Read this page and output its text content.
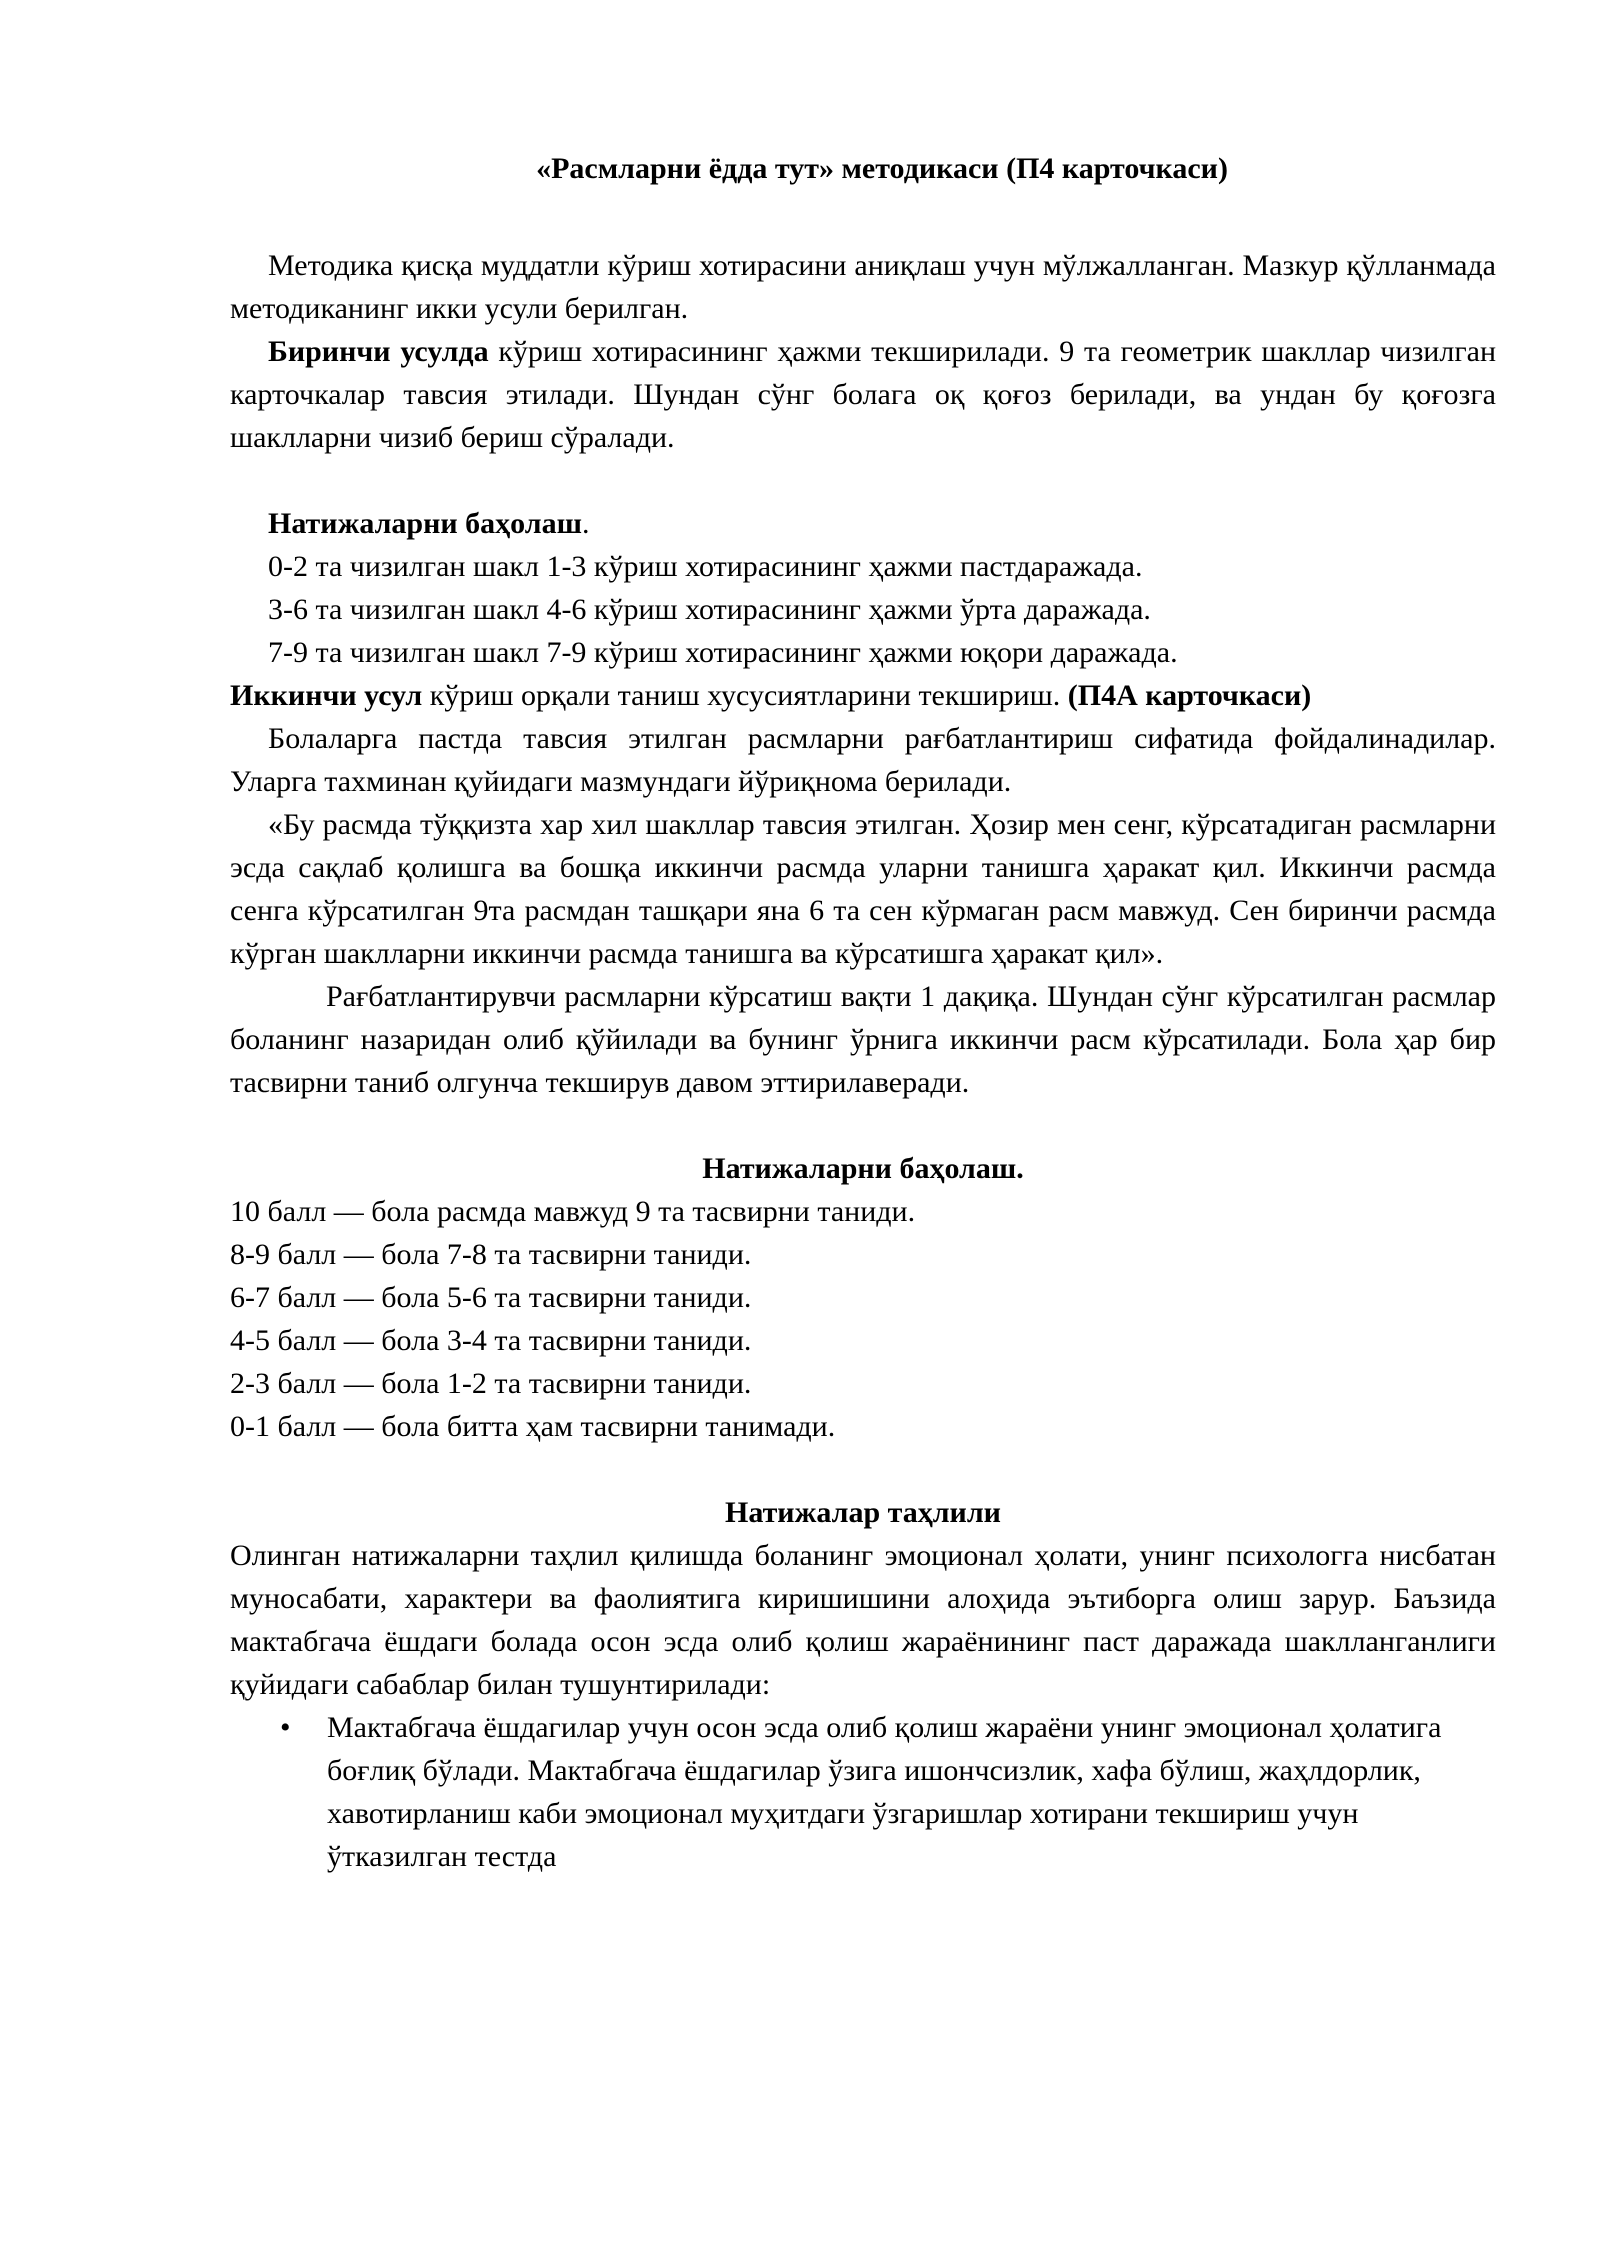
«Расмларни ёдда тут» методикаси (П4 карточкаси)

Методика қисқа муддатли кўриш хотирасини аниқлаш учун мўлжалланган. Мазкур қўлланмада методиканинг икки усули берилган.

Биринчи усулда кўриш хотирасининг ҳажми текширилади. 9 та геометрик шакллар чизилган карточкалар тавсия этилади. Шундан сўнг болага оқ қоғоз берилади, ва ундан бу қоғозга шаклларни чизиб бериш сўралади.

Натижаларни баҳолаш.

0-2 та чизилган шакл 1-3 кўриш хотирасининг ҳажми пастдаражада.

3-6 та чизилган шакл 4-6 кўриш хотирасининг ҳажми ўрта даражада.

7-9 та чизилган шакл 7-9 кўриш хотирасининг ҳажми юқори даражада.

Иккинчи усул кўриш орқали таниш хусусиятларини текшириш. (П4А карточкаси)

Болаларга пастда тавсия этилган расмларни рағбатлантириш сифатида фойдалинадилар. Уларга тахминан қуйидаги мазмундаги йўриқнома берилади.

«Бу расмда тўққизта хар хил шакллар тавсия этилган. Ҳозир мен сенг, кўрсатадиган расмларни эсда сақлаб қолишга ва бошқа иккинчи расмда уларни танишга ҳаракат қил. Иккинчи расмда сенга кўрсатилган 9та расмдан ташқари яна 6 та сен кўрмаган расм мавжуд. Сен биринчи расмда кўрган шаклларни иккинчи расмда танишга ва кўрсатишга ҳаракат қил».

Рағбатлантирувчи расмларни кўрсатиш вақти 1 дақиқа. Шундан сўнг кўрсатилган расмлар боланинг назаридан олиб қўйилади ва бунинг ўрнига иккинчи расм кўрсатилади. Бола ҳар бир тасвирни таниб олгунча текширув давом эттирилаверади.

Натижаларни баҳолаш.

10 балл — бола расмда мавжуд 9 та тасвирни таниди.

8-9 балл — бола 7-8 та тасвирни таниди.

6-7 балл — бола 5-6 та тасвирни таниди.

4-5 балл — бола 3-4 та тасвирни таниди.

2-3 балл — бола 1-2 та тасвирни таниди.

0-1 балл — бола битта ҳам тасвирни танимади.

Натижалар таҳлили

Олинган натижаларни таҳлил қилишда боланинг эмоционал ҳолати, унинг психологга нисбатан муносабати, характери ва фаолиятига киришишини алоҳида эътиборга олиш зарур. Баъзида мактабгача ёшдаги болада осон эсда олиб қолиш жараёнининг паст даражада шаклланганлиги қуйидаги сабаблар билан тушунтирилади:

• Мактабгача ёшдагилар учун осон эсда олиб қолиш жараёни унинг эмоционал ҳолатига боғлиқ бўлади. Мактабгача ёшдагилар ўзига ишончсизлик, хафа бўлиш, жаҳлдорлик, хавотирланиш каби эмоционал муҳитдаги ўзгаришлар хотирани текшириш учун ўтказилган тестда
